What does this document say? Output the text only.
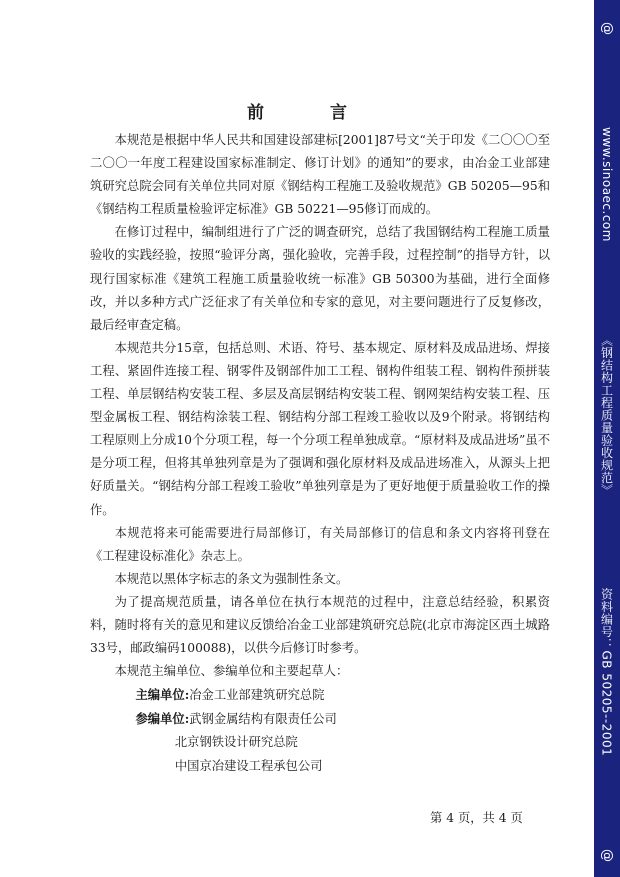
前 言

本规范是根据中华人民共和国建设部建标[2001]87号文“关于印发《二〇〇〇至二〇〇一年度工程建设国家标准制定、修订计划》的通知”的要求，由冶金工业部建筑研究总院会同有关单位共同对原《钢结构工程施工及验收规范》GB 50205—95和《钢结构工程质量检验评定标准》GB 50221—95修订而成的。

在修订过程中，编制组进行了广泛的调查研究，总结了我国钢结构工程施工质量验收的实践经验，按照“验评分离，强化验收，完善手段，过程控制”的指导方针，以现行国家标准《建筑工程施工质量验收统一标准》GB 50300为基础，进行全面修改，并以多种方式广泛征求了有关单位和专家的意见，对主要问题进行了反复修改，最后经审查定稿。

本规范共分15章，包括总则、术语、符号、基本规定、原材料及成品进场、焊接工程、紧固件连接工程、钢零件及钢部件加工工程、钢构件组装工程、钢构件预拼装工程、单层钢结构安装工程、多层及高层钢结构安装工程、钢网架结构安装工程、压型金属板工程、钢结构涂装工程、钢结构分部工程竣工验收以及9个附录。将钢结构工程原则上分成10个分项工程，每一个分项工程单独成章。“原材料及成品进场”虽不是分项工程，但将其单独列章是为了强调和强化原材料及成品进场准入，从源头上把好质量关。“钢结构分部工程竣工验收”单独列章是为了更好地便于质量验收工作的操作。

本规范将来可能需要进行局部修订，有关局部修订的信息和条文内容将刊登在《工程建设标准化》杂志上。

本规范以黑体字标志的条文为强制性条文。

为了提高规范质量，请各单位在执行本规范的过程中，注意总结经验，积累资料，随时将有关的意见和建议反馈给冶金工业部建筑研究总院(北京市海淀区西土城路33号，邮政编码100088)，以供今后修订时参考。

本规范主编单位、参编单位和主要起草人：

主编单位:冶金工业部建筑研究总院

参编单位:武钢金属结构有限责任公司

北京钢铁设计研究总院

中国京冶建设工程承包公司

第 4 页，共 4 页
@
www.sinoaec.com
《钢结构工程质量验收规范》
资料编号：GB 50205--2001
@
